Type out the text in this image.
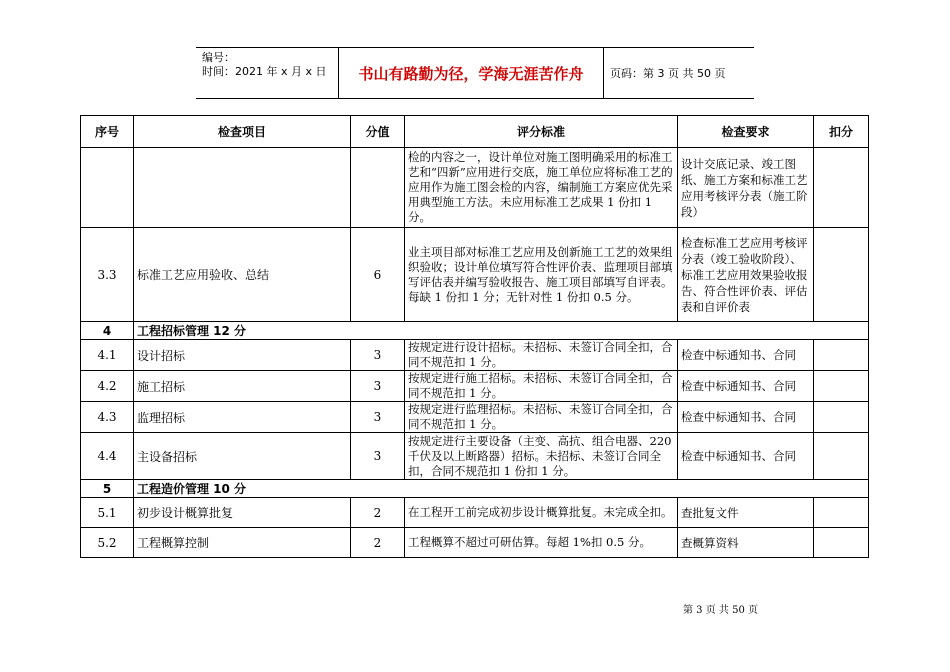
编号：
时间：2021 年 x 月 x 日	书山有路勤为径，学海无涯苦作舟	页码：第 3 页 共 50 页
序号	检查项目	分值	评分标准	检查要求	扣分
			检的内容之一，设计单位对施工图明确采用的标准工艺和“四新”应用进行交底，施工单位应将标准工艺的应用作为施工图会检的内容，编制施工方案应优先采用典型施工方法。未应用标准工艺成果 1 份扣 1 分。	设计交底记录、竣工图纸、施工方案和标准工艺应用考核评分表（施工阶段）	
3.3	标准工艺应用验收、总结	6	业主项目部对标准工艺应用及创新施工工艺的效果组织验收；设计单位填写符合性评价表、监理项目部填写评估表并编写验收报告、施工项目部填写自评表。每缺 1 份扣 1 分；无针对性 1 份扣 0.5 分。	检查标准工艺应用考核评分表（竣工验收阶段）、标准工艺应用效果验收报告、符合性评价表、评估表和自评价表	
4	工程招标管理 12 分				
4.1	设计招标	3	按规定进行设计招标。未招标、未签订合同全扣，合同不规范扣 1 分。	检查中标通知书、合同	
4.2	施工招标	3	按规定进行施工招标。未招标、未签订合同全扣，合同不规范扣 1 分。	检查中标通知书、合同	
4.3	监理招标	3	按规定进行监理招标。未招标、未签订合同全扣，合同不规范扣 1 分。	检查中标通知书、合同	
4.4	主设备招标	3	按规定进行主要设备（主变、高抗、组合电器、220 千伏及以上断路器）招标。未招标、未签订合同全扣，合同不规范扣 1 份扣 1 分。	检查中标通知书、合同	
5	工程造价管理 10 分				
5.1	初步设计概算批复	2	在工程开工前完成初步设计概算批复。未完成全扣。	查批复文件	
5.2	工程概算控制	2	工程概算不超过可研估算。每超 1%扣 0.5 分。	查概算资料	
第 3 页 共 50 页
